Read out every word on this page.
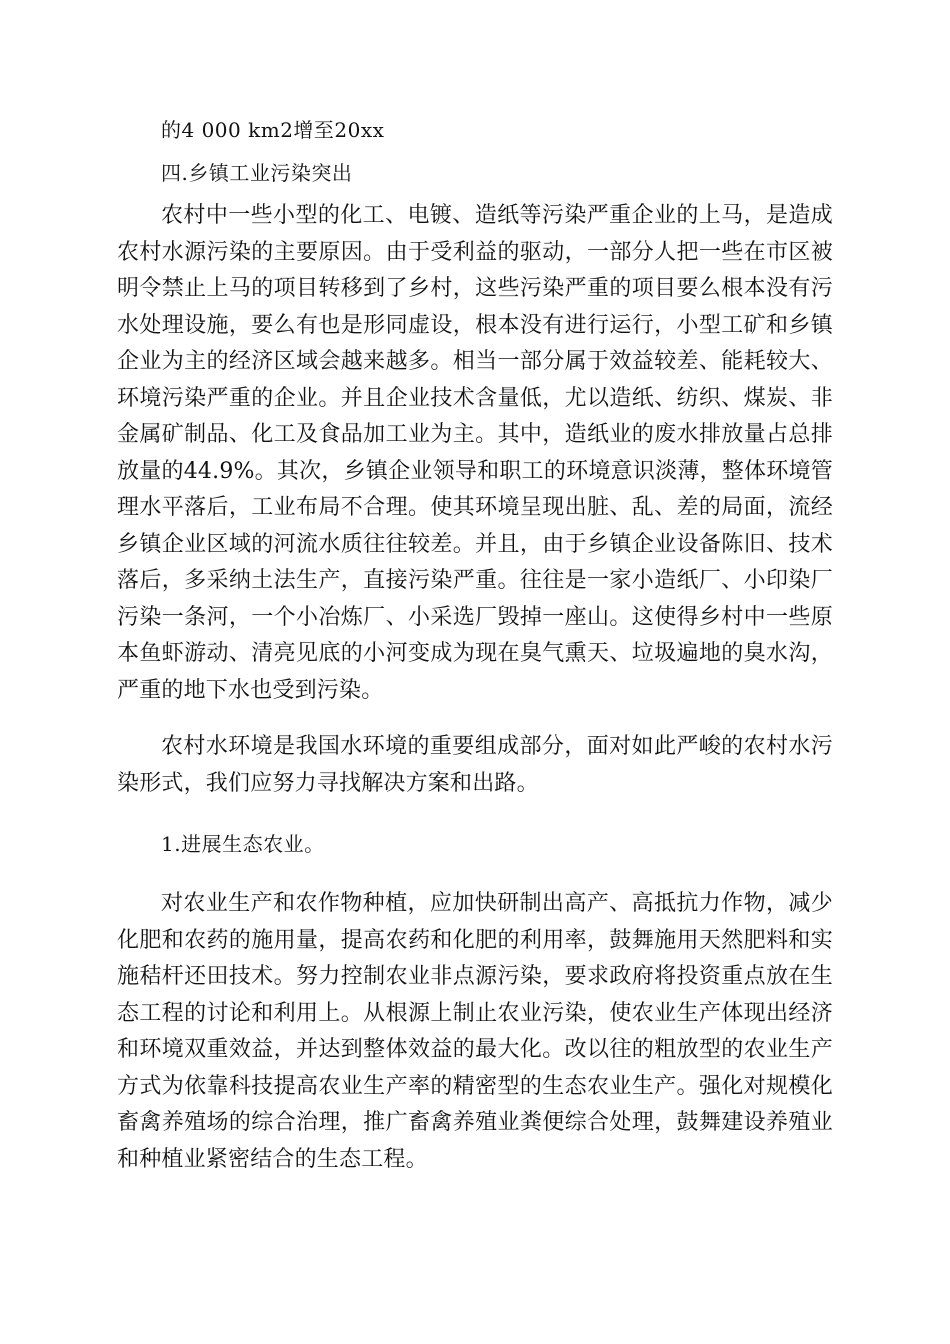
的4 000 km2增至20xx

四.乡镇工业污染突出

农村中一些小型的化工、电镀、造纸等污染严重企业的上马，是造成农村水源污染的主要原因。由于受利益的驱动，一部分人把一些在市区被明令禁止上马的项目转移到了乡村，这些污染严重的项目要么根本没有污水处理设施，要么有也是形同虚设，根本没有进行运行，小型工矿和乡镇企业为主的经济区域会越来越多。相当一部分属于效益较差、能耗较大、环境污染严重的企业。并且企业技术含量低，尤以造纸、纺织、煤炭、非金属矿制品、化工及食品加工业为主。其中，造纸业的废水排放量占总排放量的44.9%。其次，乡镇企业领导和职工的环境意识淡薄，整体环境管理水平落后，工业布局不合理。使其环境呈现出脏、乱、差的局面，流经乡镇企业区域的河流水质往往较差。并且，由于乡镇企业设备陈旧、技术落后，多采纳土法生产，直接污染严重。往往是一家小造纸厂、小印染厂污染一条河，一个小冶炼厂、小采选厂毁掉一座山。这使得乡村中一些原本鱼虾游动、清亮见底的小河变成为现在臭气熏天、垃圾遍地的臭水沟，严重的地下水也受到污染。

农村水环境是我国水环境的重要组成部分，面对如此严峻的农村水污染形式，我们应努力寻找解决方案和出路。

1.进展生态农业。

对农业生产和农作物种植，应加快研制出高产、高抵抗力作物，减少化肥和农药的施用量，提高农药和化肥的利用率，鼓舞施用天然肥料和实施秸杆还田技术。努力控制农业非点源污染，要求政府将投资重点放在生态工程的讨论和利用上。从根源上制止农业污染，使农业生产体现出经济和环境双重效益，并达到整体效益的最大化。改以往的粗放型的农业生产方式为依靠科技提高农业生产率的精密型的生态农业生产。强化对规模化畜禽养殖场的综合治理，推广畜禽养殖业粪便综合处理，鼓舞建设养殖业和种植业紧密结合的生态工程。
